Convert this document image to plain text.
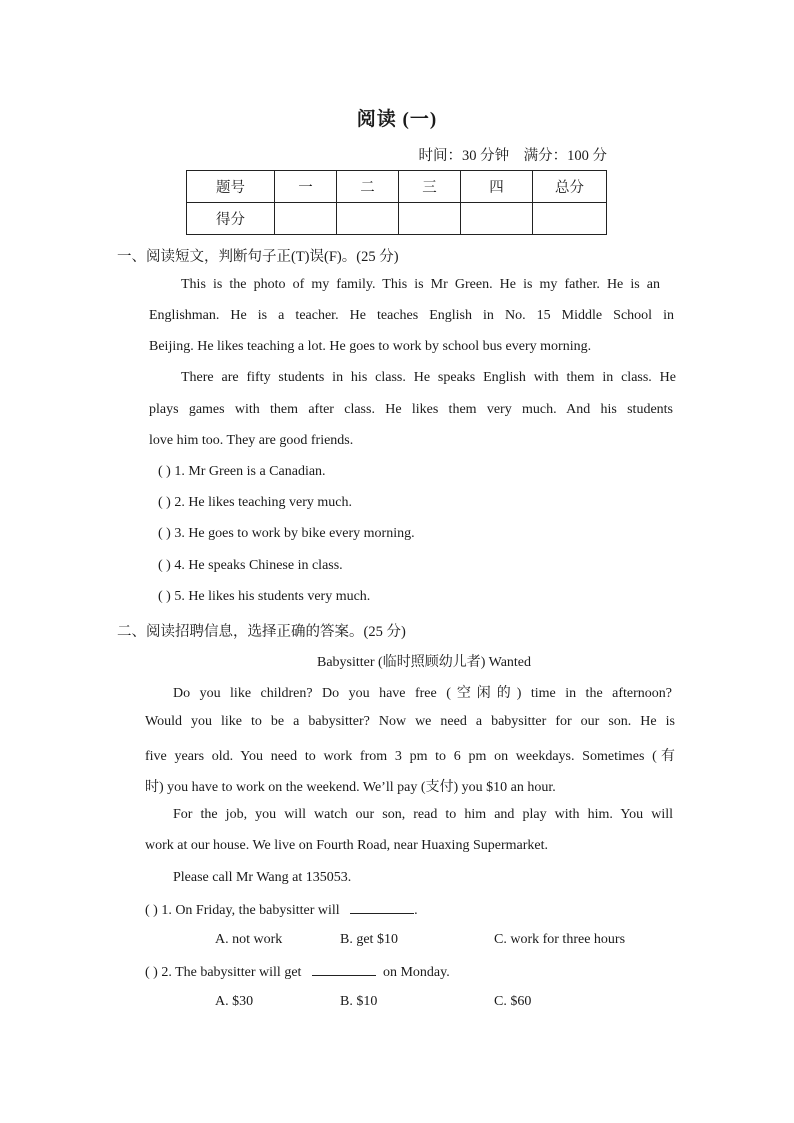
阅读 (一)
时间：30 分钟　满分：100 分
题号	一	二	三	四	总分
得分					
一、阅读短文，判断句子正(T)误(F)。(25 分)
This is the photo of my family. This is Mr Green. He is my father. He is an
Englishman. He is a teacher. He teaches English in No. 15 Middle School in
Beijing. He likes teaching a lot. He goes to work by school bus every morning.
There are fifty students in his class. He speaks English with them in class. He
plays games with them after class. He likes them very much. And his students
love him too. They are good friends.
( ) 1. Mr Green is a Canadian.
( ) 2. He likes teaching very much.
( ) 3. He goes to work by bike every morning.
( ) 4. He speaks Chinese in class.
( ) 5. He likes his students very much.
二、阅读招聘信息，选择正确的答案。(25 分)
Babysitter (临时照顾幼儿者) Wanted
Do you like children? Do you have free (空闲的) time in the afternoon?
Would you like to be a babysitter? Now we need a babysitter for our son. He is
five years old. You need to work from 3 pm to 6 pm on weekdays. Sometimes (有
时) you have to work on the weekend. We’ll pay (支付) you $10 an hour.
For the job, you will watch our son, read to him and play with him. You will
work at our house. We live on Fourth Road, near Huaxing Supermarket.
Please call Mr Wang at 135053.
( ) 1. On Friday, the babysitter will	.
A. not work	B. get $10	C. work for three hours
( ) 2. The babysitter will get	on Monday.
A. $30	B. $10	C. $60
